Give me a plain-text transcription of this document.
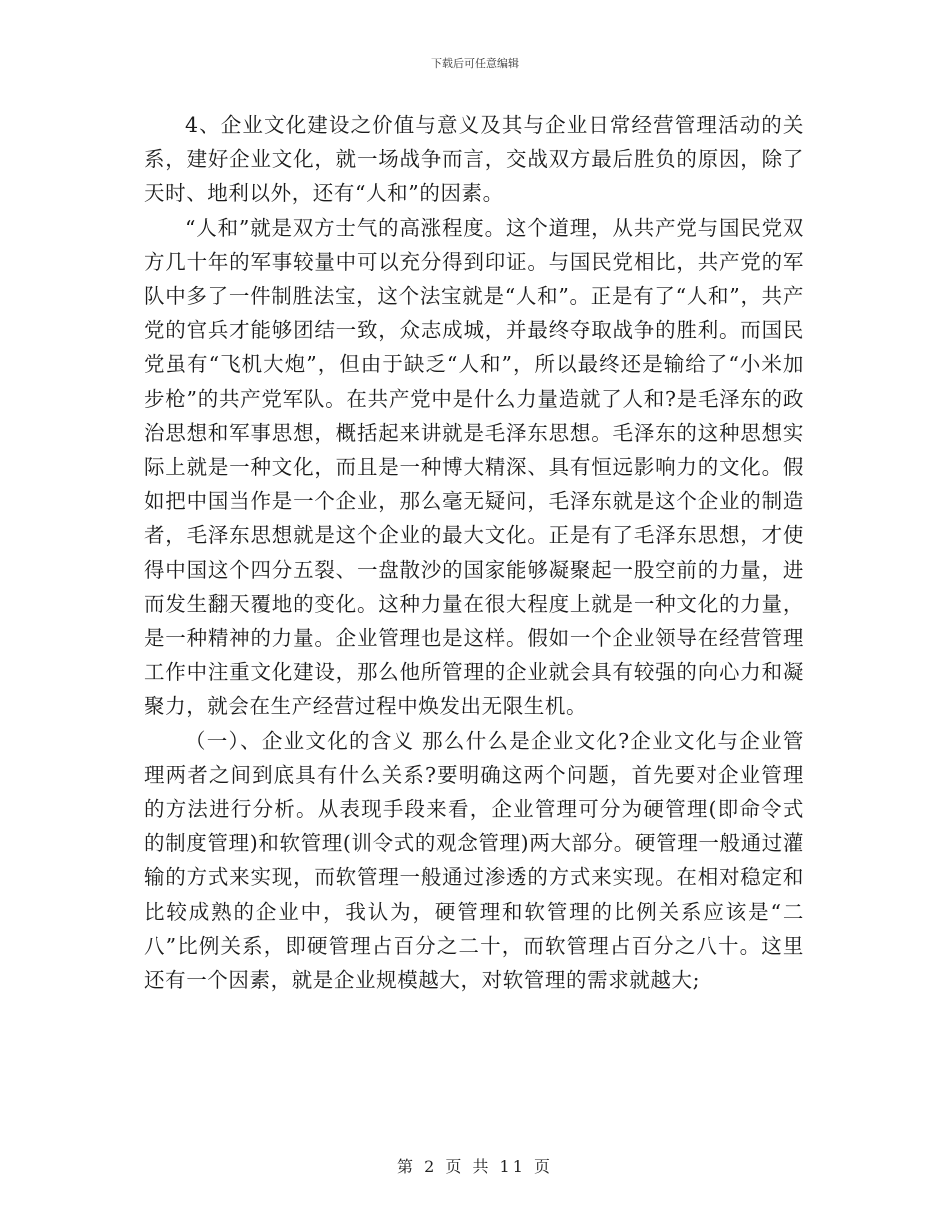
下载后可任意编辑

4、企业文化建设之价值与意义及其与企业日常经营管理活动的关系，建好企业文化，就一场战争而言，交战双方最后胜负的原因，除了天时、地利以外，还有“人和”的因素。

“人和”就是双方士气的高涨程度。这个道理，从共产党与国民党双方几十年的军事较量中可以充分得到印证。与国民党相比，共产党的军队中多了一件制胜法宝，这个法宝就是“人和”。正是有了“人和”，共产党的官兵才能够团结一致，众志成城，并最终夺取战争的胜利。而国民党虽有“飞机大炮”，但由于缺乏“人和”，所以最终还是输给了“小米加步枪”的共产党军队。在共产党中是什么力量造就了人和?是毛泽东的政治思想和军事思想，概括起来讲就是毛泽东思想。毛泽东的这种思想实际上就是一种文化，而且是一种博大精深、具有恒远影响力的文化。假如把中国当作是一个企业，那么毫无疑问，毛泽东就是这个企业的制造者，毛泽东思想就是这个企业的最大文化。正是有了毛泽东思想，才使得中国这个四分五裂、一盘散沙的国家能够凝聚起一股空前的力量，进而发生翻天覆地的变化。这种力量在很大程度上就是一种文化的力量，是一种精神的力量。企业管理也是这样。假如一个企业领导在经营管理工作中注重文化建设，那么他所管理的企业就会具有较强的向心力和凝聚力，就会在生产经营过程中焕发出无限生机。

（一）、企业文化的含义 那么什么是企业文化?企业文化与企业管理两者之间到底具有什么关系?要明确这两个问题，首先要对企业管理的方法进行分析。从表现手段来看，企业管理可分为硬管理(即命令式的制度管理)和软管理(训令式的观念管理)两大部分。硬管理一般通过灌输的方式来实现，而软管理一般通过渗透的方式来实现。在相对稳定和比较成熟的企业中，我认为，硬管理和软管理的比例关系应该是“二八”比例关系，即硬管理占百分之二十，而软管理占百分之八十。这里还有一个因素，就是企业规模越大，对软管理的需求就越大;

第 2 页 共 11 页
